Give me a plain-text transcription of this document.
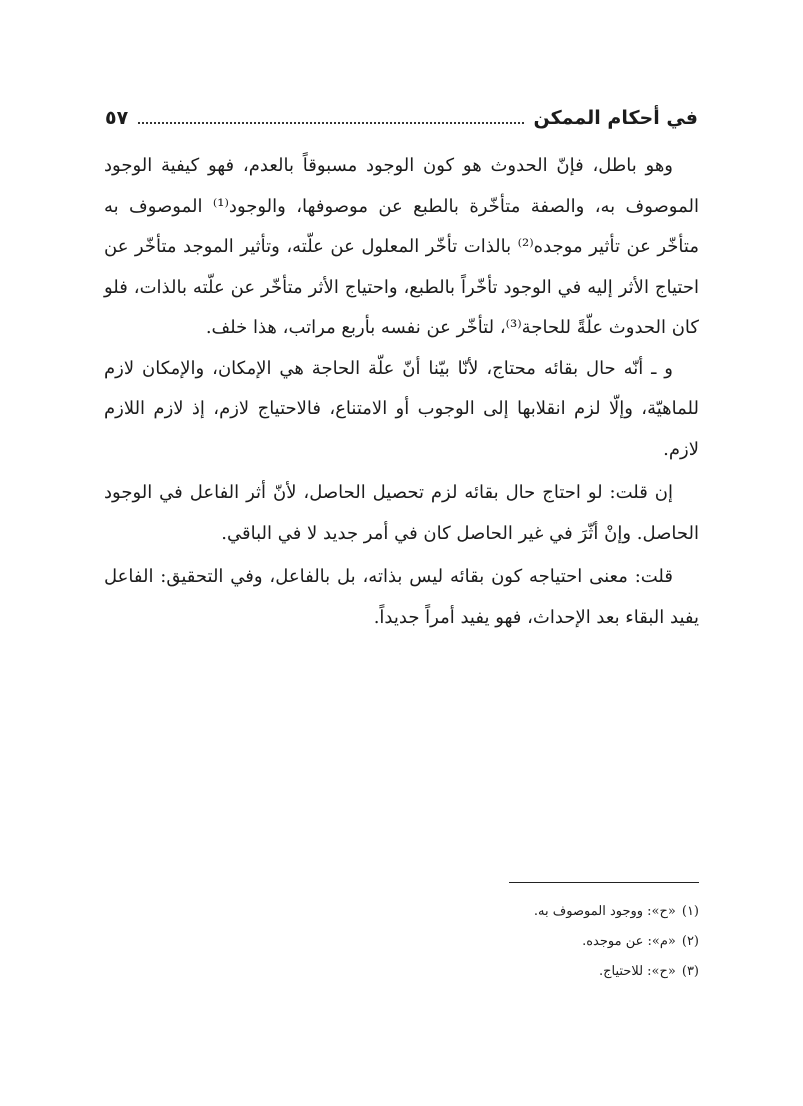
في أحكام الممكن
٥٧

وهو باطل، فإنّ الحدوث هو كون الوجود مسبوقاً بالعدم، فهو كيفية الوجود الموصوف به، والصفة متأخّرة بالطبع عن موصوفها، والوجود⁽¹⁾ الموصوف به متأخّر عن تأثير موجده⁽²⁾ بالذات تأخّر المعلول عن علّته، وتأثير الموجد متأخّر عن احتياج الأثر إليه في الوجود تأخّراً بالطبع، واحتياج الأثر متأخّر عن علّته بالذات، فلو كان الحدوث علّةً للحاجة⁽³⁾، لتأخّر عن نفسه بأربع مراتب، هذا خلف.

و ـ أنّه حال بقائه محتاج، لأنّا بيّنا أنّ علّة الحاجة هي الإمكان، والإمكان لازم للماهيّة، وإلّا لزم انقلابها إلى الوجوب أو الامتناع، فالاحتياج لازم، إذ لازم اللازم لازم.

إن قلت: لو احتاج حال بقائه لزم تحصيل الحاصل، لأنّ أثر الفاعل في الوجود الحاصل. وإنْ أثّرَ في غير الحاصل كان في أمر جديد لا في الباقي.

قلت: معنى احتياجه كون بقائه ليس بذاته، بل بالفاعل، وفي التحقيق: الفاعل يفيد البقاء بعد الإحداث، فهو يفيد أمراً جديداً.

(١)«ح»: ووجود الموصوف به.
(٢)«م»: عن موجده.
(٣)«ح»: للاحتياج.
